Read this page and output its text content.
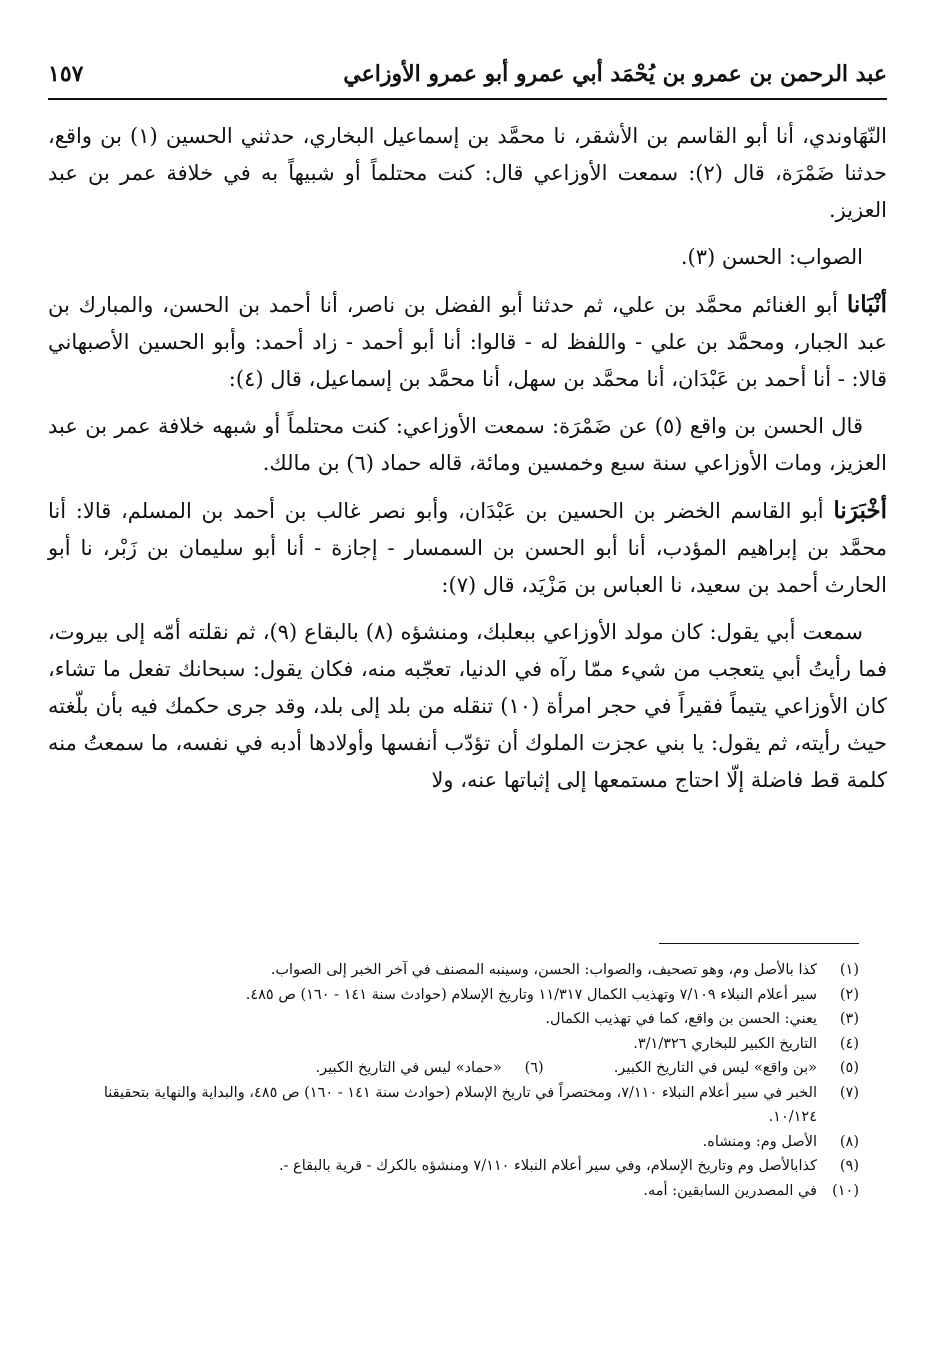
عبد الرحمن بن عمرو بن يُحْمَد أبي عمرو أبو عمرو الأوزاعي
١٥٧

النّهَاوندي، أنا أبو القاسم بن الأشقر، نا محمَّد بن إسماعيل البخاري، حدثني الحسين (١) بن واقع، حدثنا ضَمْرَة، قال (٢): سمعت الأوزاعي قال: كنت محتلماً أو شبيهاً به في خلافة عمر بن عبد العزيز.

الصواب: الحسن (٣).

أنْبَانا أبو الغنائم محمَّد بن علي، ثم حدثنا أبو الفضل بن ناصر، أنا أحمد بن الحسن، والمبارك بن عبد الجبار، ومحمَّد بن علي - واللفظ له - قالوا: أنا أبو أحمد - زاد أحمد: وأبو الحسين الأصبهاني قالا: - أنا أحمد بن عَبْدَان، أنا محمَّد بن سهل، أنا محمَّد بن إسماعيل، قال (٤):

قال الحسن بن واقع (٥) عن ضَمْرَة: سمعت الأوزاعي: كنت محتلماً أو شبهه خلافة عمر بن عبد العزيز، ومات الأوزاعي سنة سبع وخمسين ومائة، قاله حماد (٦) بن مالك.

أخْبَرَنا أبو القاسم الخضر بن الحسين بن عَبْدَان، وأبو نصر غالب بن أحمد بن المسلم، قالا: أنا محمَّد بن إبراهيم المؤدب، أنا أبو الحسن بن السمسار - إجازة - أنا أبو سليمان بن زَبْر، نا أبو الحارث أحمد بن سعيد، نا العباس بن مَزْيَد، قال (٧):

سمعت أبي يقول: كان مولد الأوزاعي ببعلبك، ومنشؤه (٨) بالبقاع (٩)، ثم نقلته أمّه إلى بيروت، فما رأيتُ أبي يتعجب من شيء ممّا رآه في الدنيا، تعجّبه منه، فكان يقول: سبحانك تفعل ما تشاء، كان الأوزاعي يتيماً فقيراً في حجر امرأة (١٠) تنقله من بلد إلى بلد، وقد جرى حكمك فيه بأن بلّغته حيث رأيته، ثم يقول: يا بني عجزت الملوك أن تؤدّب أنفسها وأولادها أدبه في نفسه، ما سمعتُ منه كلمة قط فاضلة إلّا احتاج مستمعها إلى إثباتها عنه، ولا

(١)
كذا بالأصل وم، وهو تصحيف، والصواب: الحسن، وسينبه المصنف في آخر الخبر إلى الصواب.
(٢)
سير أعلام النبلاء ٧/١٠٩ وتهذيب الكمال ١١/٣١٧ وتاريخ الإسلام (حوادث سنة ١٤١ - ١٦٠) ص ٤٨٥.
(٣)
يعني: الحسن بن واقع، كما في تهذيب الكمال.
(٤)
التاريخ الكبير للبخاري ٣/١/٣٢٦.
(٥)
«بن واقع» ليس في التاريخ الكبير.
(٦)
«حماد» ليس في التاريخ الكبير.
(٧)
الخبر في سير أعلام النبلاء ٧/١١٠، ومختصراً في تاريخ الإسلام (حوادث سنة ١٤١ - ١٦٠) ص ٤٨٥، والبداية والنهاية بتحقيقنا ١٠/١٢٤.
(٨)
الأصل وم: ومنشاه.
(٩)
كذابالأصل وم وتاريخ الإسلام، وفي سير أعلام النبلاء ٧/١١٠ ومنشؤه بالكرك - قرية بالبقاع -.
(١٠)
في المصدرين السابقين: أمه.
